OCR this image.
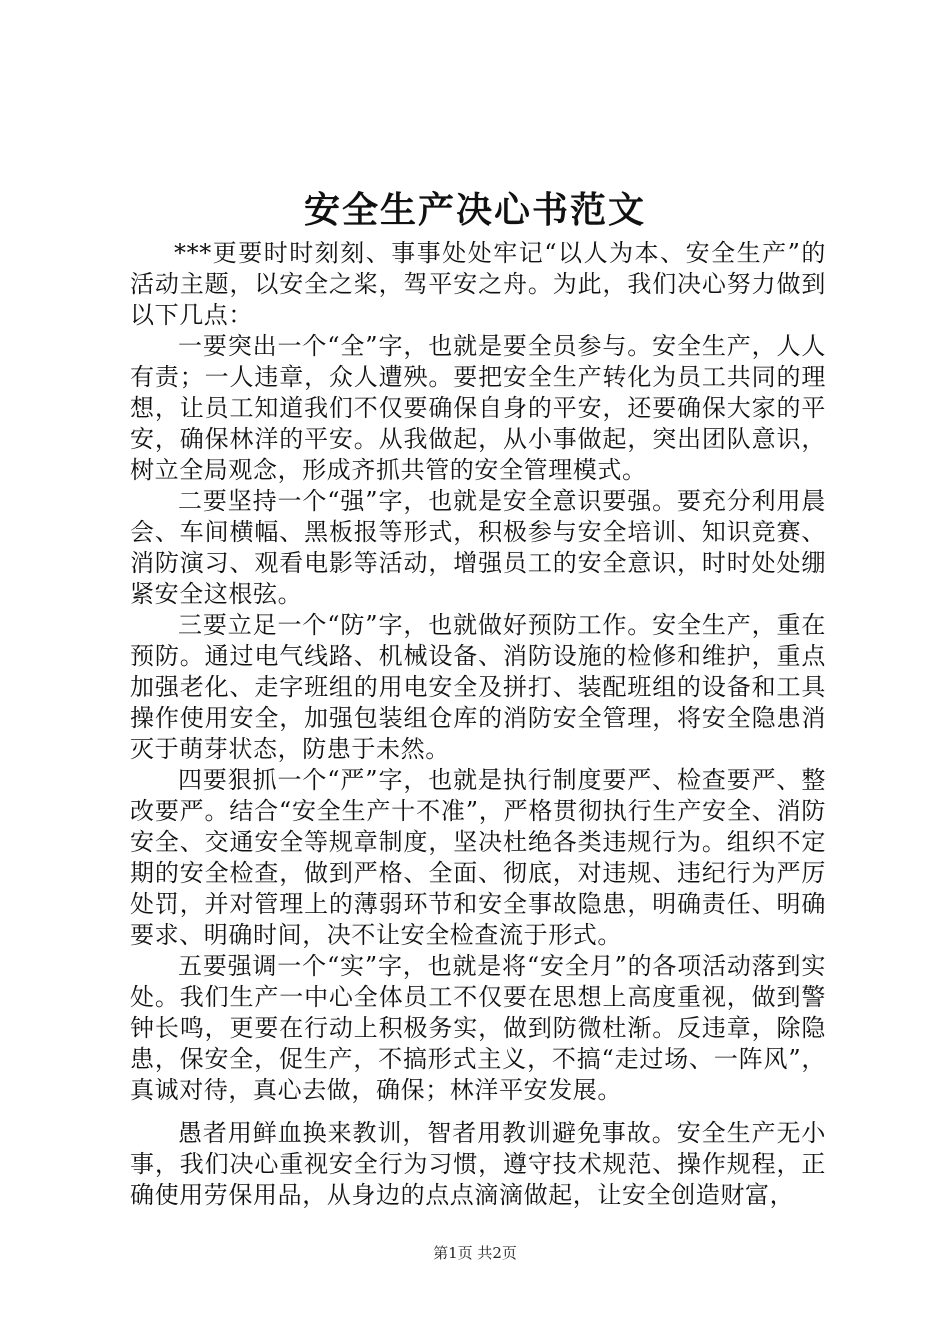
安全生产决心书范文

***更要时时刻刻、事事处处牢记“以人为本、安全生产”的活动主题，以安全之桨，驾平安之舟。为此，我们决心努力做到以下几点：

一要突出一个“全”字，也就是要全员参与。安全生产，人人有责；一人违章，众人遭殃。要把安全生产转化为员工共同的理想，让员工知道我们不仅要确保自身的平安，还要确保大家的平安，确保林洋的平安。从我做起，从小事做起，突出团队意识，树立全局观念，形成齐抓共管的安全管理模式。

二要坚持一个“强”字，也就是安全意识要强。要充分利用晨会、车间横幅、黑板报等形式，积极参与安全培训、知识竞赛、消防演习、观看电影等活动，增强员工的安全意识，时时处处绷紧安全这根弦。

三要立足一个“防”字，也就做好预防工作。安全生产，重在预防。通过电气线路、机械设备、消防设施的检修和维护，重点加强老化、走字班组的用电安全及拼打、装配班组的设备和工具操作使用安全，加强包装组仓库的消防安全管理，将安全隐患消灭于萌芽状态，防患于未然。

四要狠抓一个“严”字，也就是执行制度要严、检查要严、整改要严。结合“安全生产十不准”，严格贯彻执行生产安全、消防安全、交通安全等规章制度，坚决杜绝各类违规行为。组织不定期的安全检查，做到严格、全面、彻底，对违规、违纪行为严厉处罚，并对管理上的薄弱环节和安全事故隐患，明确责任、明确要求、明确时间，决不让安全检查流于形式。

五要强调一个“实”字，也就是将“安全月”的各项活动落到实处。我们生产一中心全体员工不仅要在思想上高度重视，做到警钟长鸣，更要在行动上积极务实，做到防微杜渐。反违章，除隐患，保安全，促生产，不搞形式主义，不搞“走过场、一阵风”，真诚对待，真心去做，确保；林洋平安发展。

愚者用鲜血换来教训，智者用教训避免事故。安全生产无小事，我们决心重视安全行为习惯，遵守技术规范、操作规程，正确使用劳保用品，从身边的点点滴滴做起，让安全创造财富，

第1页 共2页
